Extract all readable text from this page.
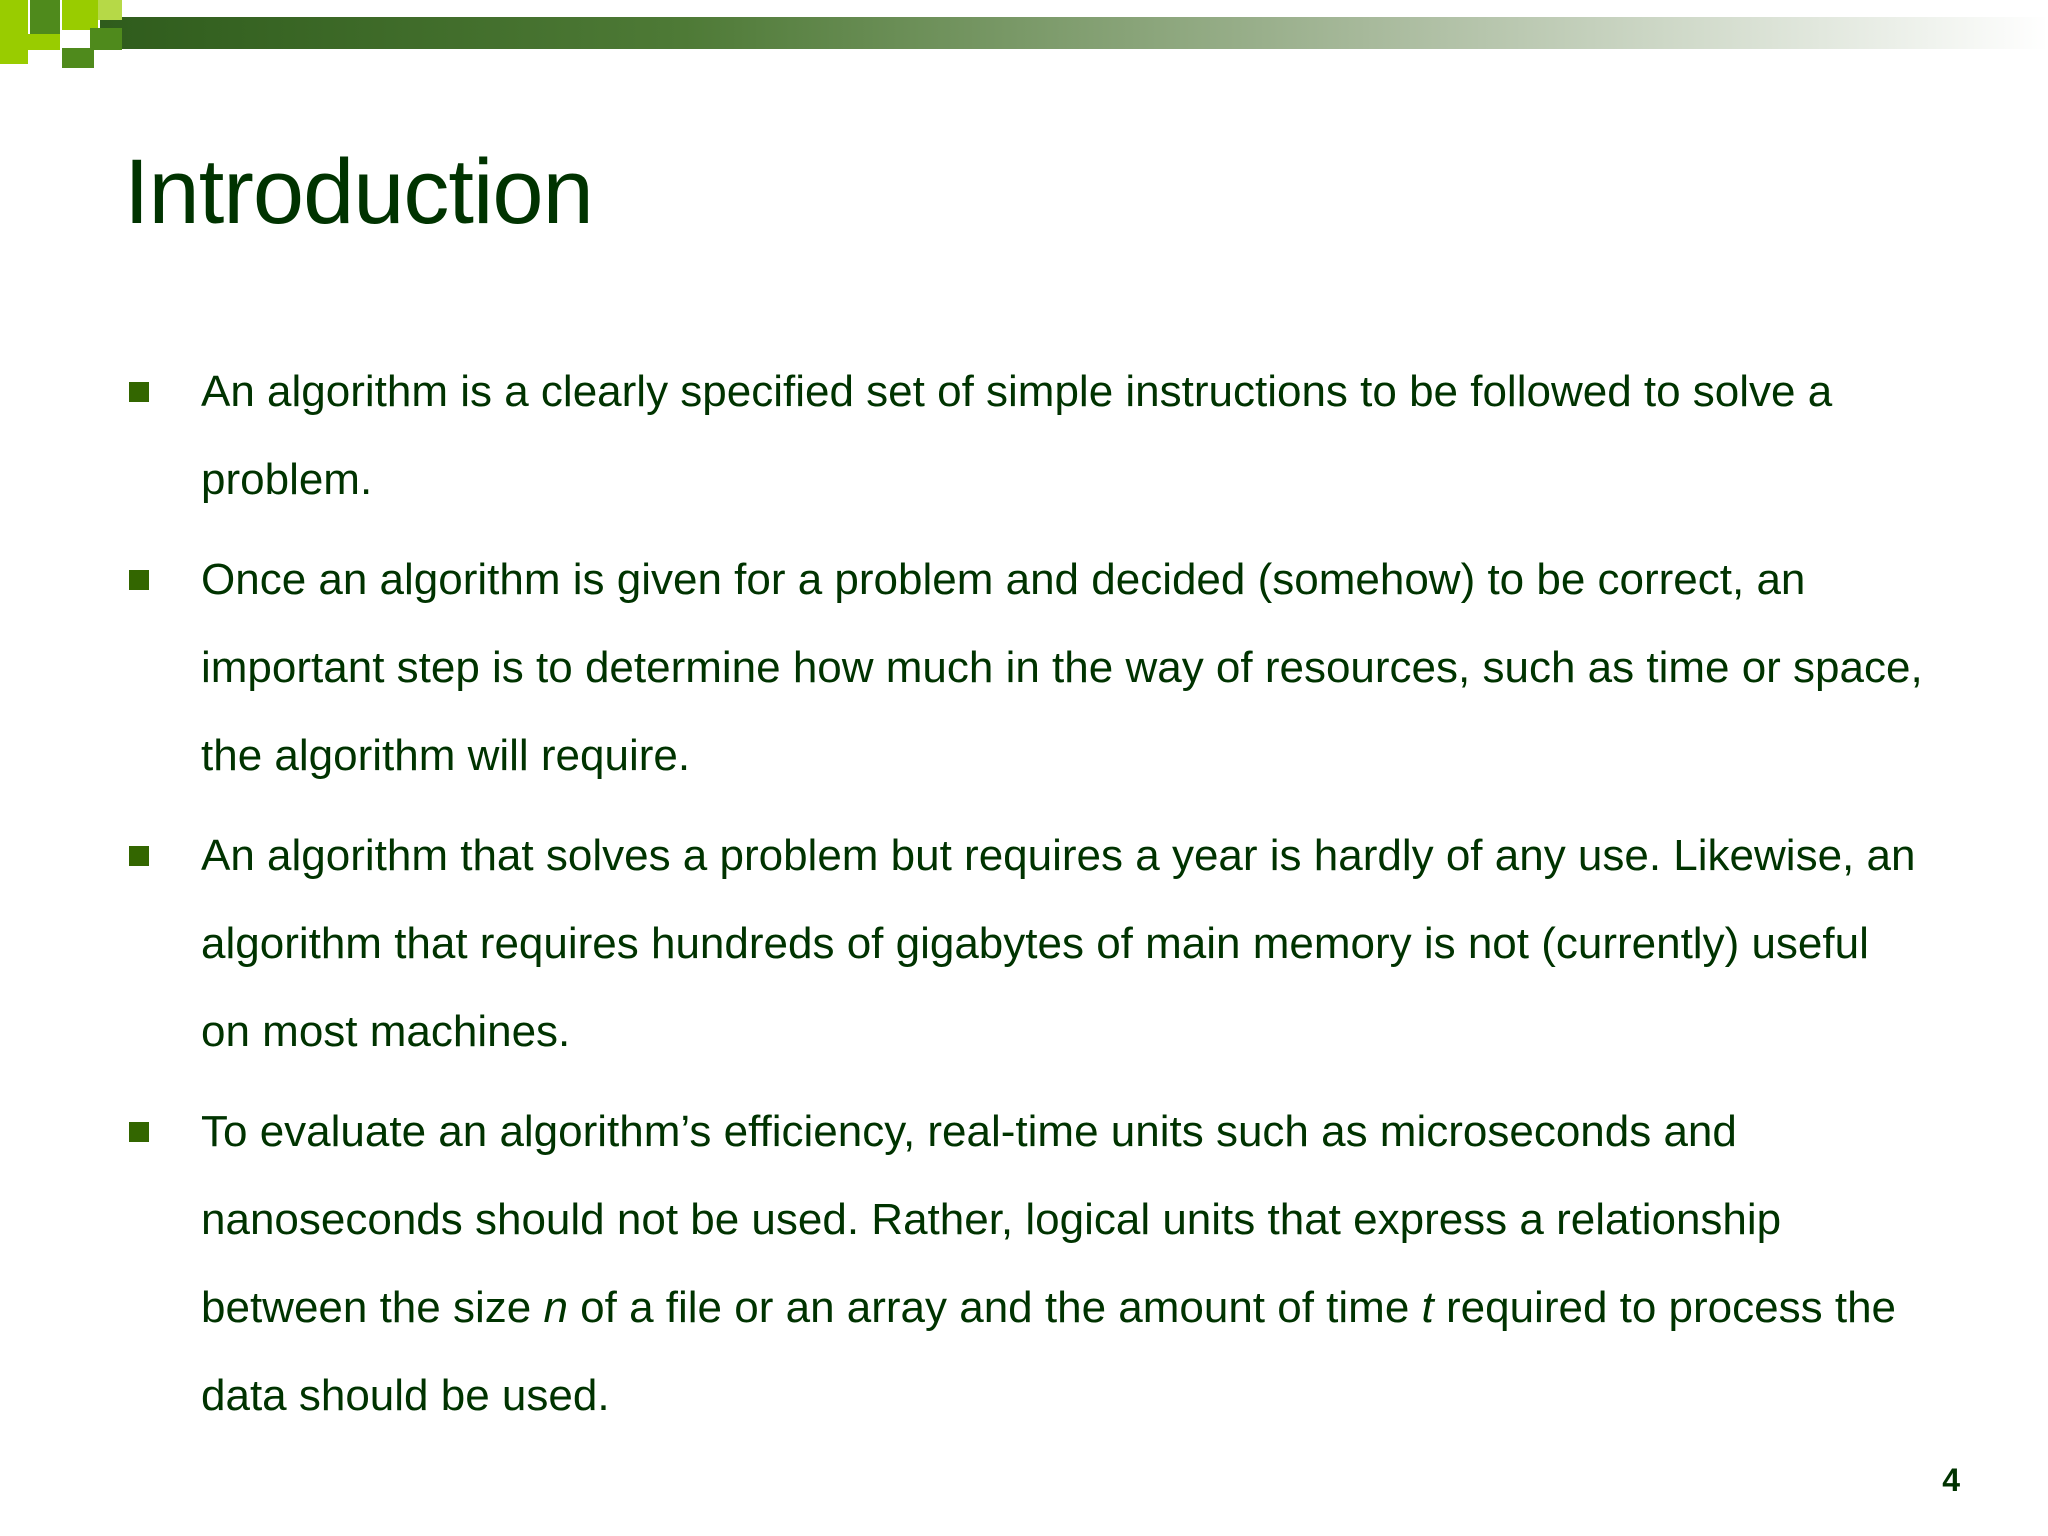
Introduction
An algorithm is a clearly specified set of simple instructions to be followed to solve a problem.
Once an algorithm is given for a problem and decided (somehow) to be correct, an important step is to determine how much in the way of resources, such as time or space, the algorithm will require.
An algorithm that solves a problem but requires a year is hardly of any use. Likewise, an algorithm that requires hundreds of gigabytes of main memory is not (currently) useful on most machines.
To evaluate an algorithm’s efficiency, real-time units such as microseconds and nanoseconds should not be used. Rather, logical units that express a relationship between the size n of a file or an array and the amount of time t required to process the data should be used.
4
